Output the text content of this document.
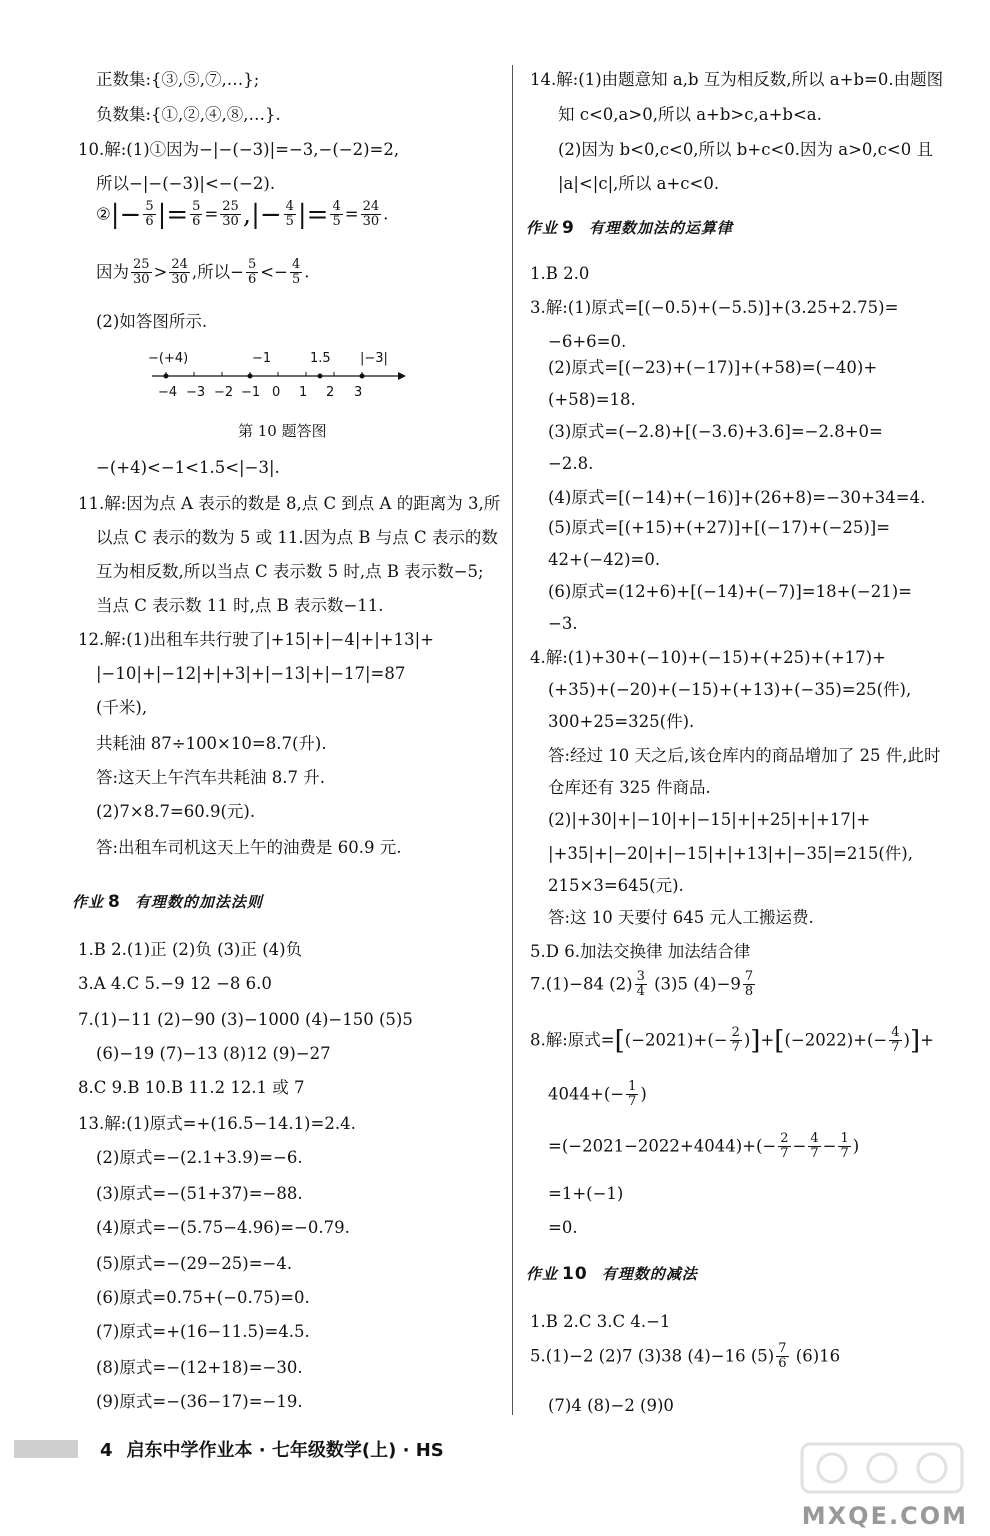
正数集:{③,⑤,⑦,…};
负数集:{①,②,④,⑧,…}.
10.解:(1)①因为−|−(−3)|=−3,−(−2)=2,
所以−|−(−3)|<−(−2).
②|− $\frac{5}{6}$ |= $\frac{5}{6} = \frac{25}{30}$ ,|− $\frac{4}{5}$ |= $\frac{4}{5} = \frac{24}{30}$ .
因为 $\frac{25}{30} > \frac{24}{30}$ ,所以− $\frac{5}{6} <- \frac{4}{5}$ .
(2)如答图所示.
−(+4)	−1	1.5 |−3|
−4 −3 −2 −1 0 1 2 3
第 10 题答图
−(+4)<−1<1.5<|−3|.
11.解:因为点 A 表示的数是 8,点 C 到点 A 的距离为 3,所
以点 C 表示的数为 5 或 11.因为点 B 与点 C 表示的数
互为相反数,所以当点 C 表示数 5 时,点 B 表示数−5;
当点 C 表示数 11 时,点 B 表示数−11.
12.解:(1)出租车共行驶了|+15|+|−4|+|+13|+
|−10|+|−12|+|+3|+|−13|+|−17|=87
(千米),
共耗油 87÷100×10=8.7(升).
答:这天上午汽车共耗油 8.7 升.
(2)7×8.7=60.9(元).
答:出租车司机这天上午的油费是 60.9 元.
作业 8 有理数的加法法则
1.B 2.(1)正 (2)负 (3)正 (4)负
3.A 4.C 5.−9 12 −8 6.0
7.(1)−11 (2)−90 (3)−1000 (4)−150 (5)5
(6)−19 (7)−13 (8)12 (9)−27
8.C 9.B 10.B 11.2 12.1 或 7
13.解:(1)原式=+(16.5−14.1)=2.4.
(2)原式=−(2.1+3.9)=−6.
(3)原式=−(51+37)=−88.
(4)原式=−(5.75−4.96)=−0.79.
(5)原式=−(29−25)=−4.
(6)原式=0.75+(−0.75)=0.
(7)原式=+(16−11.5)=4.5.
(8)原式=−(12+18)=−30.
(9)原式=−(36−17)=−19.
14.解:(1)由题意知 a,b 互为相反数,所以 a+b=0.由题图
知 c<0,a>0,所以 a+b>c,a+b<a.
(2)因为 b<0,c<0,所以 b+c<0.因为 a>0,c<0 且
|a|<|c|,所以 a+c<0.
作业 9 有理数加法的运算律
1.B 2.0
3.解:(1)原式=[(−0.5)+(−5.5)]+(3.25+2.75)=
−6+6=0.
(2)原式=[(−23)+(−17)]+(+58)=(−40)+
(+58)=18.
(3)原式=(−2.8)+[(−3.6)+3.6]=−2.8+0=
−2.8.
(4)原式=[(−14)+(−16)]+(26+8)=−30+34=4.
(5)原式=[(+15)+(+27)]+[(−17)+(−25)]=
42+(−42)=0.
(6)原式=(12+6)+[(−14)+(−7)]=18+(−21)=
−3.
4.解:(1)+30+(−10)+(−15)+(+25)+(+17)+
(+35)+(−20)+(−15)+(+13)+(−35)=25(件),
300+25=325(件).
答:经过 10 天之后,该仓库内的商品增加了 25 件,此时
仓库还有 325 件商品.
(2)|+30|+|−10|+|−15|+|+25|+|+17|+
|+35|+|−20|+|−15|+|+13|+|−35|=215(件),
215×3=645(元).
答:这 10 天要付 645 元人工搬运费.
5.D 6.加法交换律 加法结合律
7.(1)−84 $(2) \frac{3}{4} (3)5$ $(4)-9 \frac{7}{8}$
8.解:原式$=[(-2021)+(- \frac{2}{7} )]+[(-2022)+(- \frac{4}{7}$ )]+
$4044+(- \frac{1}{7}$ )
$=(-2021-2022+4044)+(- \frac{2}{7} - \frac{4}{7} - \frac{1}{7}$ )
=1+(−1)
=0.
作业 10 有理数的减法
1.B 2.C 3.C 4.−1
5.(1)−2 (2)7 (3)38 (4)−16 $(5) \frac{7}{6} (6)16$
(7)4 (8)−2 (9)0
4 启东中学作业本 · 七年级数学(上) · HS
MXQE.COM
